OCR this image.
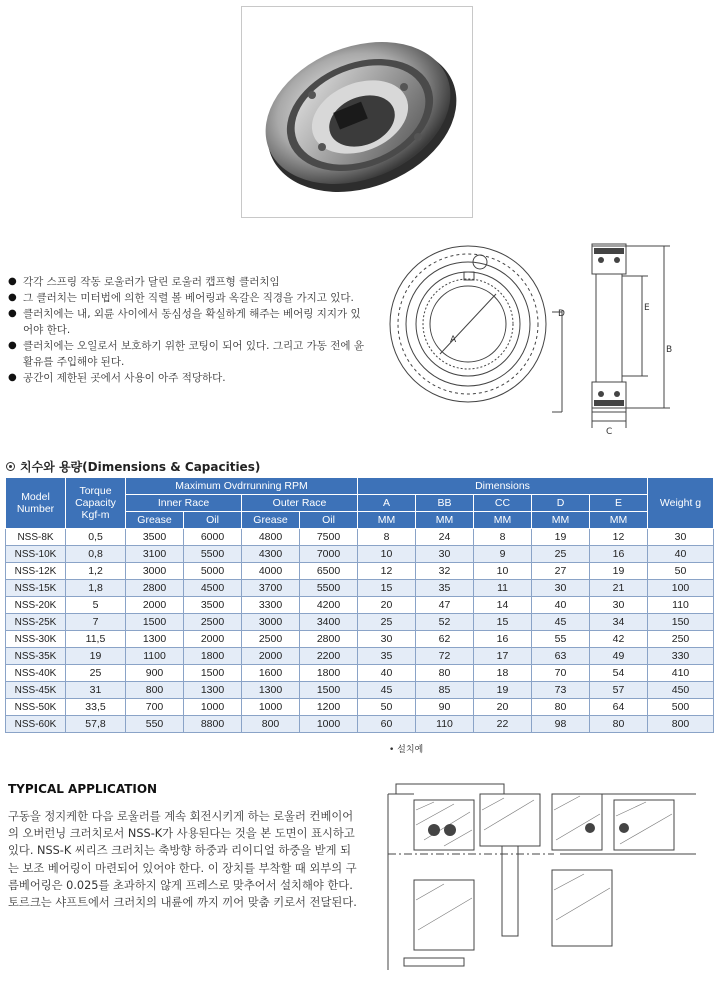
● 각각 스프링 작동 로울러가 달린 로울러 캡프형 클러치임
● 그 클러치는 미터법에 의한 직렬 볼 베어링과 옥갈은 직경을 가지고 있다.
● 클러치에는 내, 외륜 사이에서 동심성을 확실하게 해주는 베어링 지지가 있어야 한다.
● 클러치에는 오일로서 보호하기 위한 코팅이 되어 있다. 그리고 가동 전에 윤활유를 주입해야 된다.
● 공간이 제한된 곳에서 사용이 아주 적당하다.
A
B
C
D
E
치수와 용량(Dimensions & Capacities)
Model Number	Torque Capacity Kgf-m	Maximum Ovdrrunning RPM				Dimensions					Weight g
		Inner Race		Outer Race		A	BB	CC	D	E	
		Grease	Oil	Grease	Oil	MM	MM	MM	MM	MM	
NSS-8K	0,5	3500	6000	4800	7500	8	24	8	19	12	30
NSS-10K	0,8	3100	5500	4300	7000	10	30	9	25	16	40
NSS-12K	1,2	3000	5000	4000	6500	12	32	10	27	19	50
NSS-15K	1,8	2800	4500	3700	5500	15	35	11	30	21	100
NSS-20K	5	2000	3500	3300	4200	20	47	14	40	30	110
NSS-25K	7	1500	2500	3000	3400	25	52	15	45	34	150
NSS-30K	11,5	1300	2000	2500	2800	30	62	16	55	42	250
NSS-35K	19	1100	1800	2000	2200	35	72	17	63	49	330
NSS-40K	25	900	1500	1600	1800	40	80	18	70	54	410
NSS-45K	31	800	1300	1300	1500	45	85	19	73	57	450
NSS-50K	33,5	700	1000	1000	1200	50	90	20	80	64	500
NSS-60K	57,8	550	8800	800	1000	60	110	22	98	80	800
• 설치예
TYPICAL APPLICATION
구동을 정지케한 다음 로울러를 계속 회전시키게 하는 로울러 컨베이어의 오버런닝 크러치로서 NSS-K가 사용된다는 것을 본 도면이 표시하고 있다. NSS-K 씨리즈 크러치는 축방향 하중과 리이디얼 하중을 받게 되는 보조 베어링이 마련되어 있어야 한다. 이 장치를 부착할 때 외부의 구름베어링은 0.025를 초과하지 않게 프레스로 맞추어서 설치해야 한다. 토르크는 샤프트에서 크러치의 내륜에 까지 끼어 맞춤 키로서 전달된다.
